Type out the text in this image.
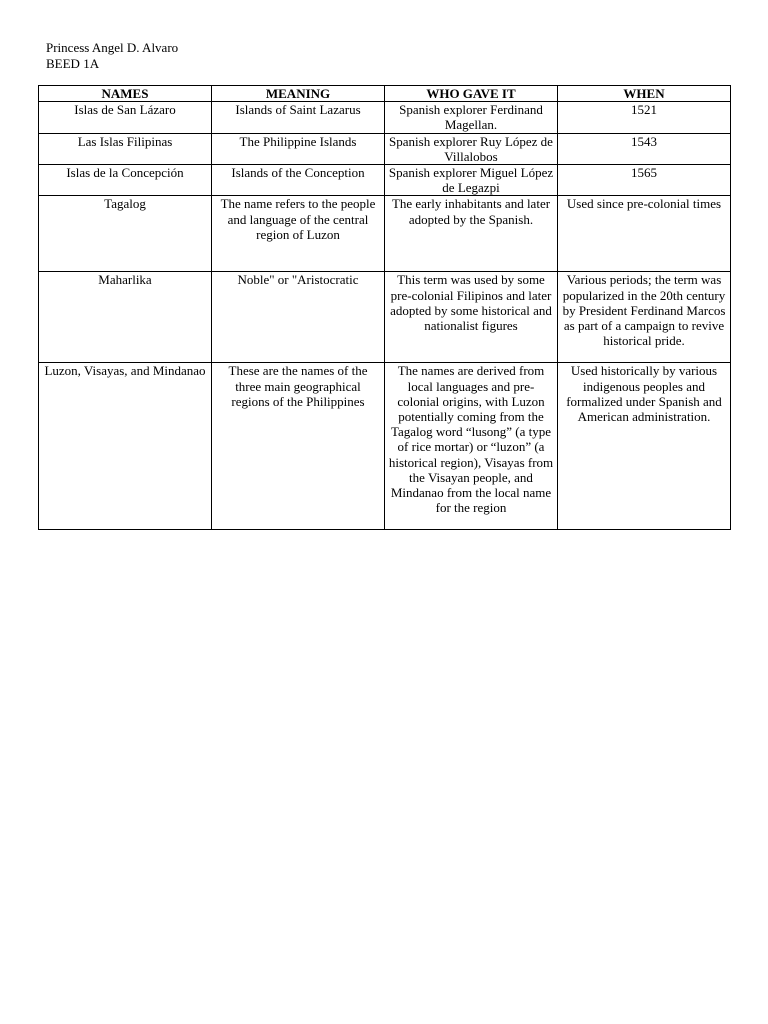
Princess Angel D. Alvaro
BEED 1A
NAMES	MEANING	WHO GAVE IT	WHEN
Islas de San Lázaro	Islands of Saint Lazarus	Spanish explorer Ferdinand Magellan.	1521
Las Islas Filipinas	The Philippine Islands	Spanish explorer Ruy López de Villalobos	1543
Islas de la Concepción	Islands of the Conception	Spanish explorer Miguel López de Legazpi	1565
Tagalog	The name refers to the people and language of the central region of Luzon	The early inhabitants and later adopted by the Spanish.	Used since pre-colonial times
Maharlika	Noble" or "Aristocratic	This term was used by some pre-colonial Filipinos and later adopted by some historical and nationalist figures	Various periods; the term was popularized in the 20th century by President Ferdinand Marcos as part of a campaign to revive historical pride.
Luzon, Visayas, and Mindanao	These are the names of the three main geographical regions of the Philippines	The names are derived from local languages and pre-colonial origins, with Luzon potentially coming from the Tagalog word “lusong” (a type of rice mortar) or “luzon” (a historical region), Visayas from the Visayan people, and Mindanao from the local name for the region	Used historically by various indigenous peoples and formalized under Spanish and American administration.
